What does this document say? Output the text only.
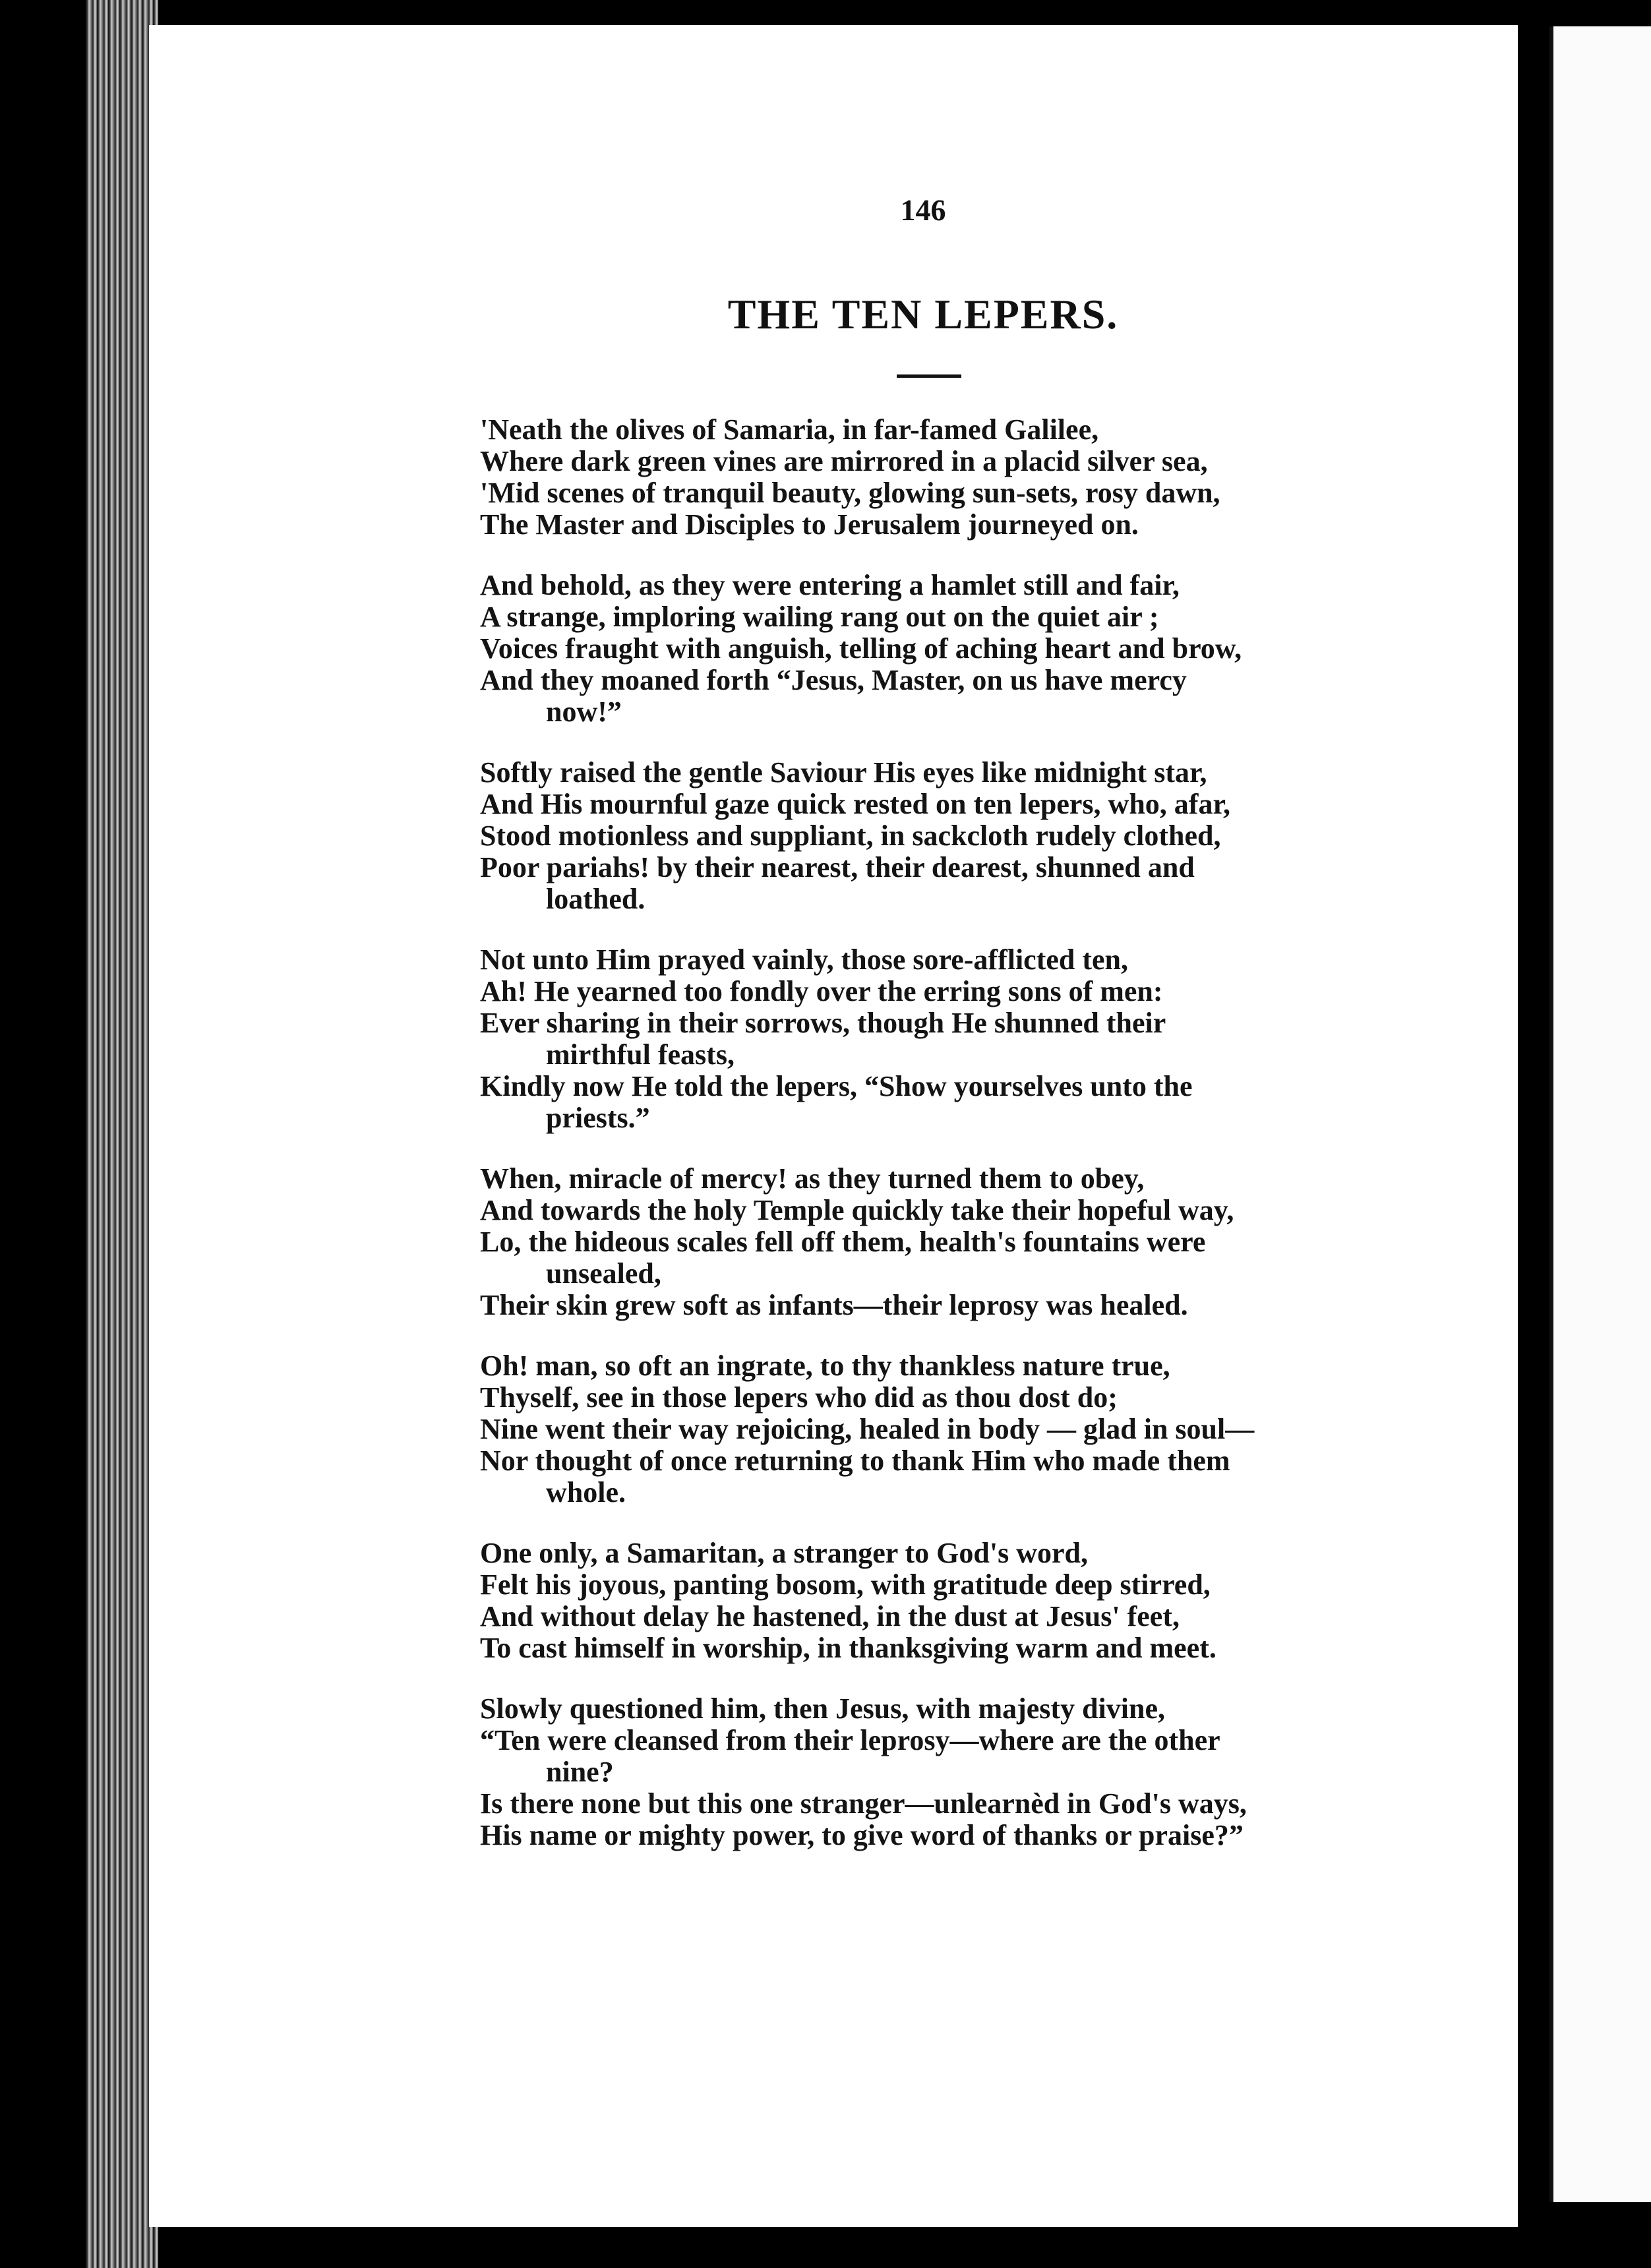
146
THE TEN LEPERS.
'Neath the olives of Samaria, in far-famed Galilee,
Where dark green vines are mirrored in a placid silver sea,
'Mid scenes of tranquil beauty, glowing sun-sets, rosy dawn,
The Master and Disciples to Jerusalem journeyed on.
And behold, as they were entering a hamlet still and fair,
A strange, imploring wailing rang out on the quiet air ;
Voices fraught with anguish, telling of aching heart and brow,
And they moaned forth “Jesus, Master, on us have mercy
now!”
Softly raised the gentle Saviour His eyes like midnight star,
And His mournful gaze quick rested on ten lepers, who, afar,
Stood motionless and suppliant, in sackcloth rudely clothed,
Poor pariahs! by their nearest, their dearest, shunned and
loathed.
Not unto Him prayed vainly, those sore-afflicted ten,
Ah! He yearned too fondly over the erring sons of men:
Ever sharing in their sorrows, though He shunned their
mirthful feasts,
Kindly now He told the lepers, “Show yourselves unto the
priests.”
When, miracle of mercy! as they turned them to obey,
And towards the holy Temple quickly take their hopeful way,
Lo, the hideous scales fell off them, health's fountains were
unsealed,
Their skin grew soft as infants—their leprosy was healed.
Oh! man, so oft an ingrate, to thy thankless nature true,
Thyself, see in those lepers who did as thou dost do;
Nine went their way rejoicing, healed in body — glad in soul—
Nor thought of once returning to thank Him who made them
whole.
One only, a Samaritan, a stranger to God's word,
Felt his joyous, panting bosom, with gratitude deep stirred,
And without delay he hastened, in the dust at Jesus' feet,
To cast himself in worship, in thanksgiving warm and meet.
Slowly questioned him, then Jesus, with majesty divine,
“Ten were cleansed from their leprosy—where are the other
nine?
Is there none but this one stranger—unlearnèd in God's ways,
His name or mighty power, to give word of thanks or praise?”
